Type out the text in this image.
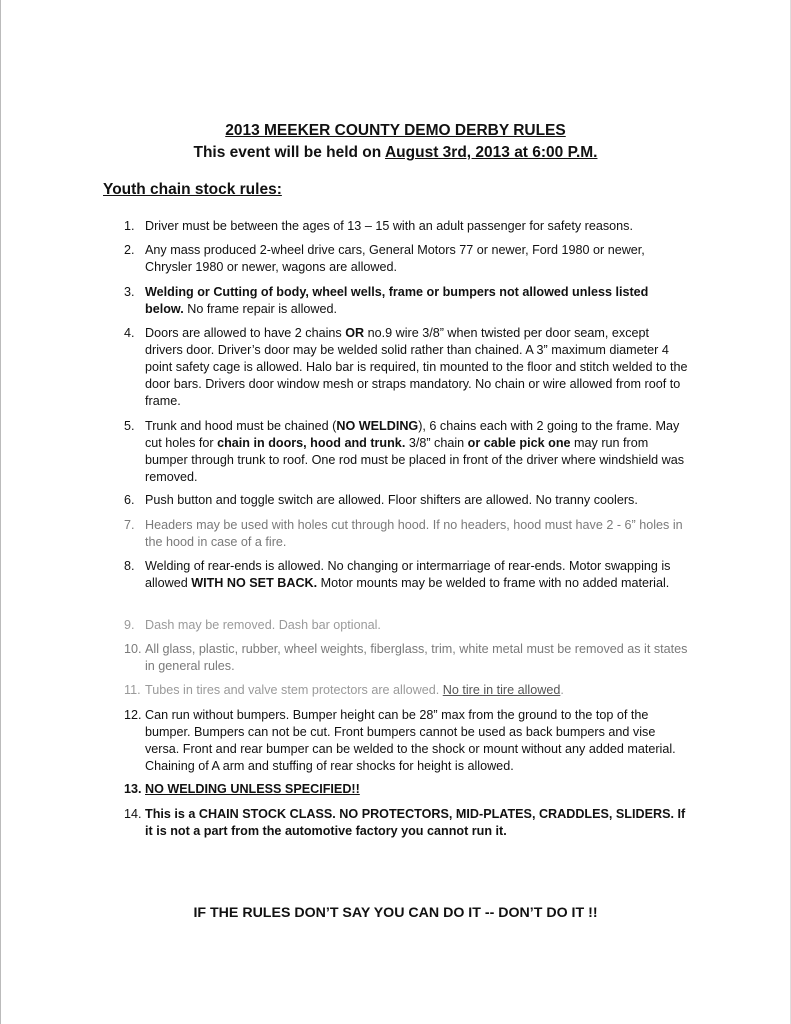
2013 MEEKER COUNTY DEMO DERBY RULES
This event will be held on August 3rd, 2013 at 6:00 P.M.
Youth chain stock rules:
1. Driver must be between the ages of 13 – 15 with an adult passenger for safety reasons.
2. Any mass produced 2-wheel drive cars, General Motors 77 or newer, Ford 1980 or newer, Chrysler 1980 or newer, wagons are allowed.
3. Welding or Cutting of body, wheel wells, frame or bumpers not allowed unless listed below. No frame repair is allowed.
4. Doors are allowed to have 2 chains OR no.9 wire 3/8” when twisted per door seam, except drivers door. Driver’s door may be welded solid rather than chained. A 3” maximum diameter 4 point safety cage is allowed. Halo bar is required, tin mounted to the floor and stitch welded to the door bars. Drivers door window mesh or straps mandatory. No chain or wire allowed from roof to frame.
5. Trunk and hood must be chained (NO WELDING), 6 chains each with 2 going to the frame. May cut holes for chain in doors, hood and trunk. 3/8” chain or cable pick one may run from bumper through trunk to roof. One rod must be placed in front of the driver where windshield was removed.
6. Push button and toggle switch are allowed. Floor shifters are allowed. No tranny coolers.
7. Headers may be used with holes cut through hood. If no headers, hood must have 2 - 6” holes in the hood in case of a fire.
8. Welding of rear-ends is allowed. No changing or intermarriage of rear-ends. Motor swapping is allowed WITH NO SET BACK. Motor mounts may be welded to frame with no added material.
9. Dash may be removed. Dash bar optional.
10. All glass, plastic, rubber, wheel weights, fiberglass, trim, white metal must be removed as it states in general rules.
11. Tubes in tires and valve stem protectors are allowed. No tire in tire allowed.
12. Can run without bumpers. Bumper height can be 28” max from the ground to the top of the bumper. Bumpers can not be cut. Front bumpers cannot be used as back bumpers and vise versa. Front and rear bumper can be welded to the shock or mount without any added material. Chaining of A arm and stuffing of rear shocks for height is allowed.
13. NO WELDING UNLESS SPECIFIED!!
14. This is a CHAIN STOCK CLASS. NO PROTECTORS, MID-PLATES, CRADDLES, SLIDERS. If it is not a part from the automotive factory you cannot run it.
IF THE RULES DON’T SAY YOU CAN DO IT -- DON’T DO IT !!
